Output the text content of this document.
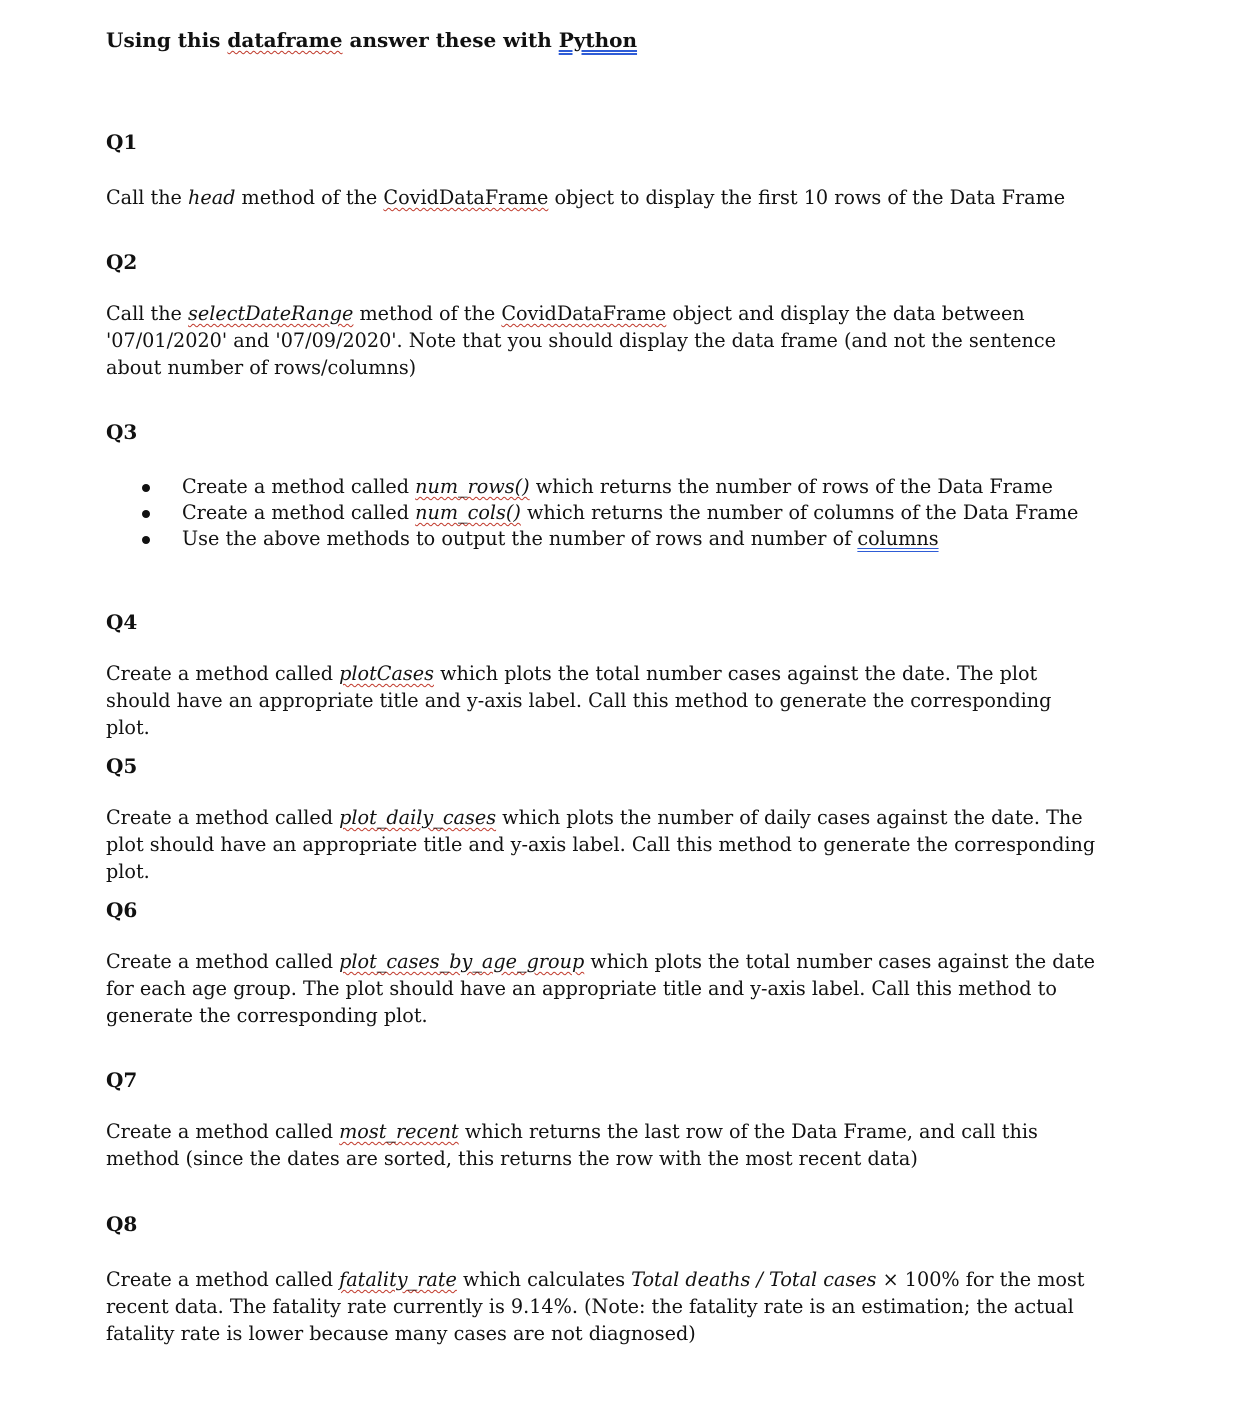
Using this dataframe answer these with Python

Q1

Call the head method of the CovidDataFrame object to display the first 10 rows of the Data Frame

Q2

Call the selectDateRange method of the CovidDataFrame object and display the data between '07/01/2020' and '07/09/2020'. Note that you should display the data frame (and not the sentence about number of rows/columns)

Q3

Create a method called num_rows() which returns the number of rows of the Data Frame
Create a method called num_cols() which returns the number of columns of the Data Frame
Use the above methods to output the number of rows and number of columns

Q4

Create a method called plotCases which plots the total number cases against the date. The plot should have an appropriate title and y-axis label. Call this method to generate the corresponding plot.

Q5

Create a method called plot_daily_cases which plots the number of daily cases against the date. The plot should have an appropriate title and y-axis label. Call this method to generate the corresponding plot.

Q6

Create a method called plot_cases_by_age_group which plots the total number cases against the date for each age group. The plot should have an appropriate title and y-axis label. Call this method to generate the corresponding plot.

Q7

Create a method called most_recent which returns the last row of the Data Frame, and call this method (since the dates are sorted, this returns the row with the most recent data)

Q8

Create a method called fatality_rate which calculates Total deaths / Total cases × 100% for the most recent data. The fatality rate currently is 9.14%. (Note: the fatality rate is an estimation; the actual fatality rate is lower because many cases are not diagnosed)
